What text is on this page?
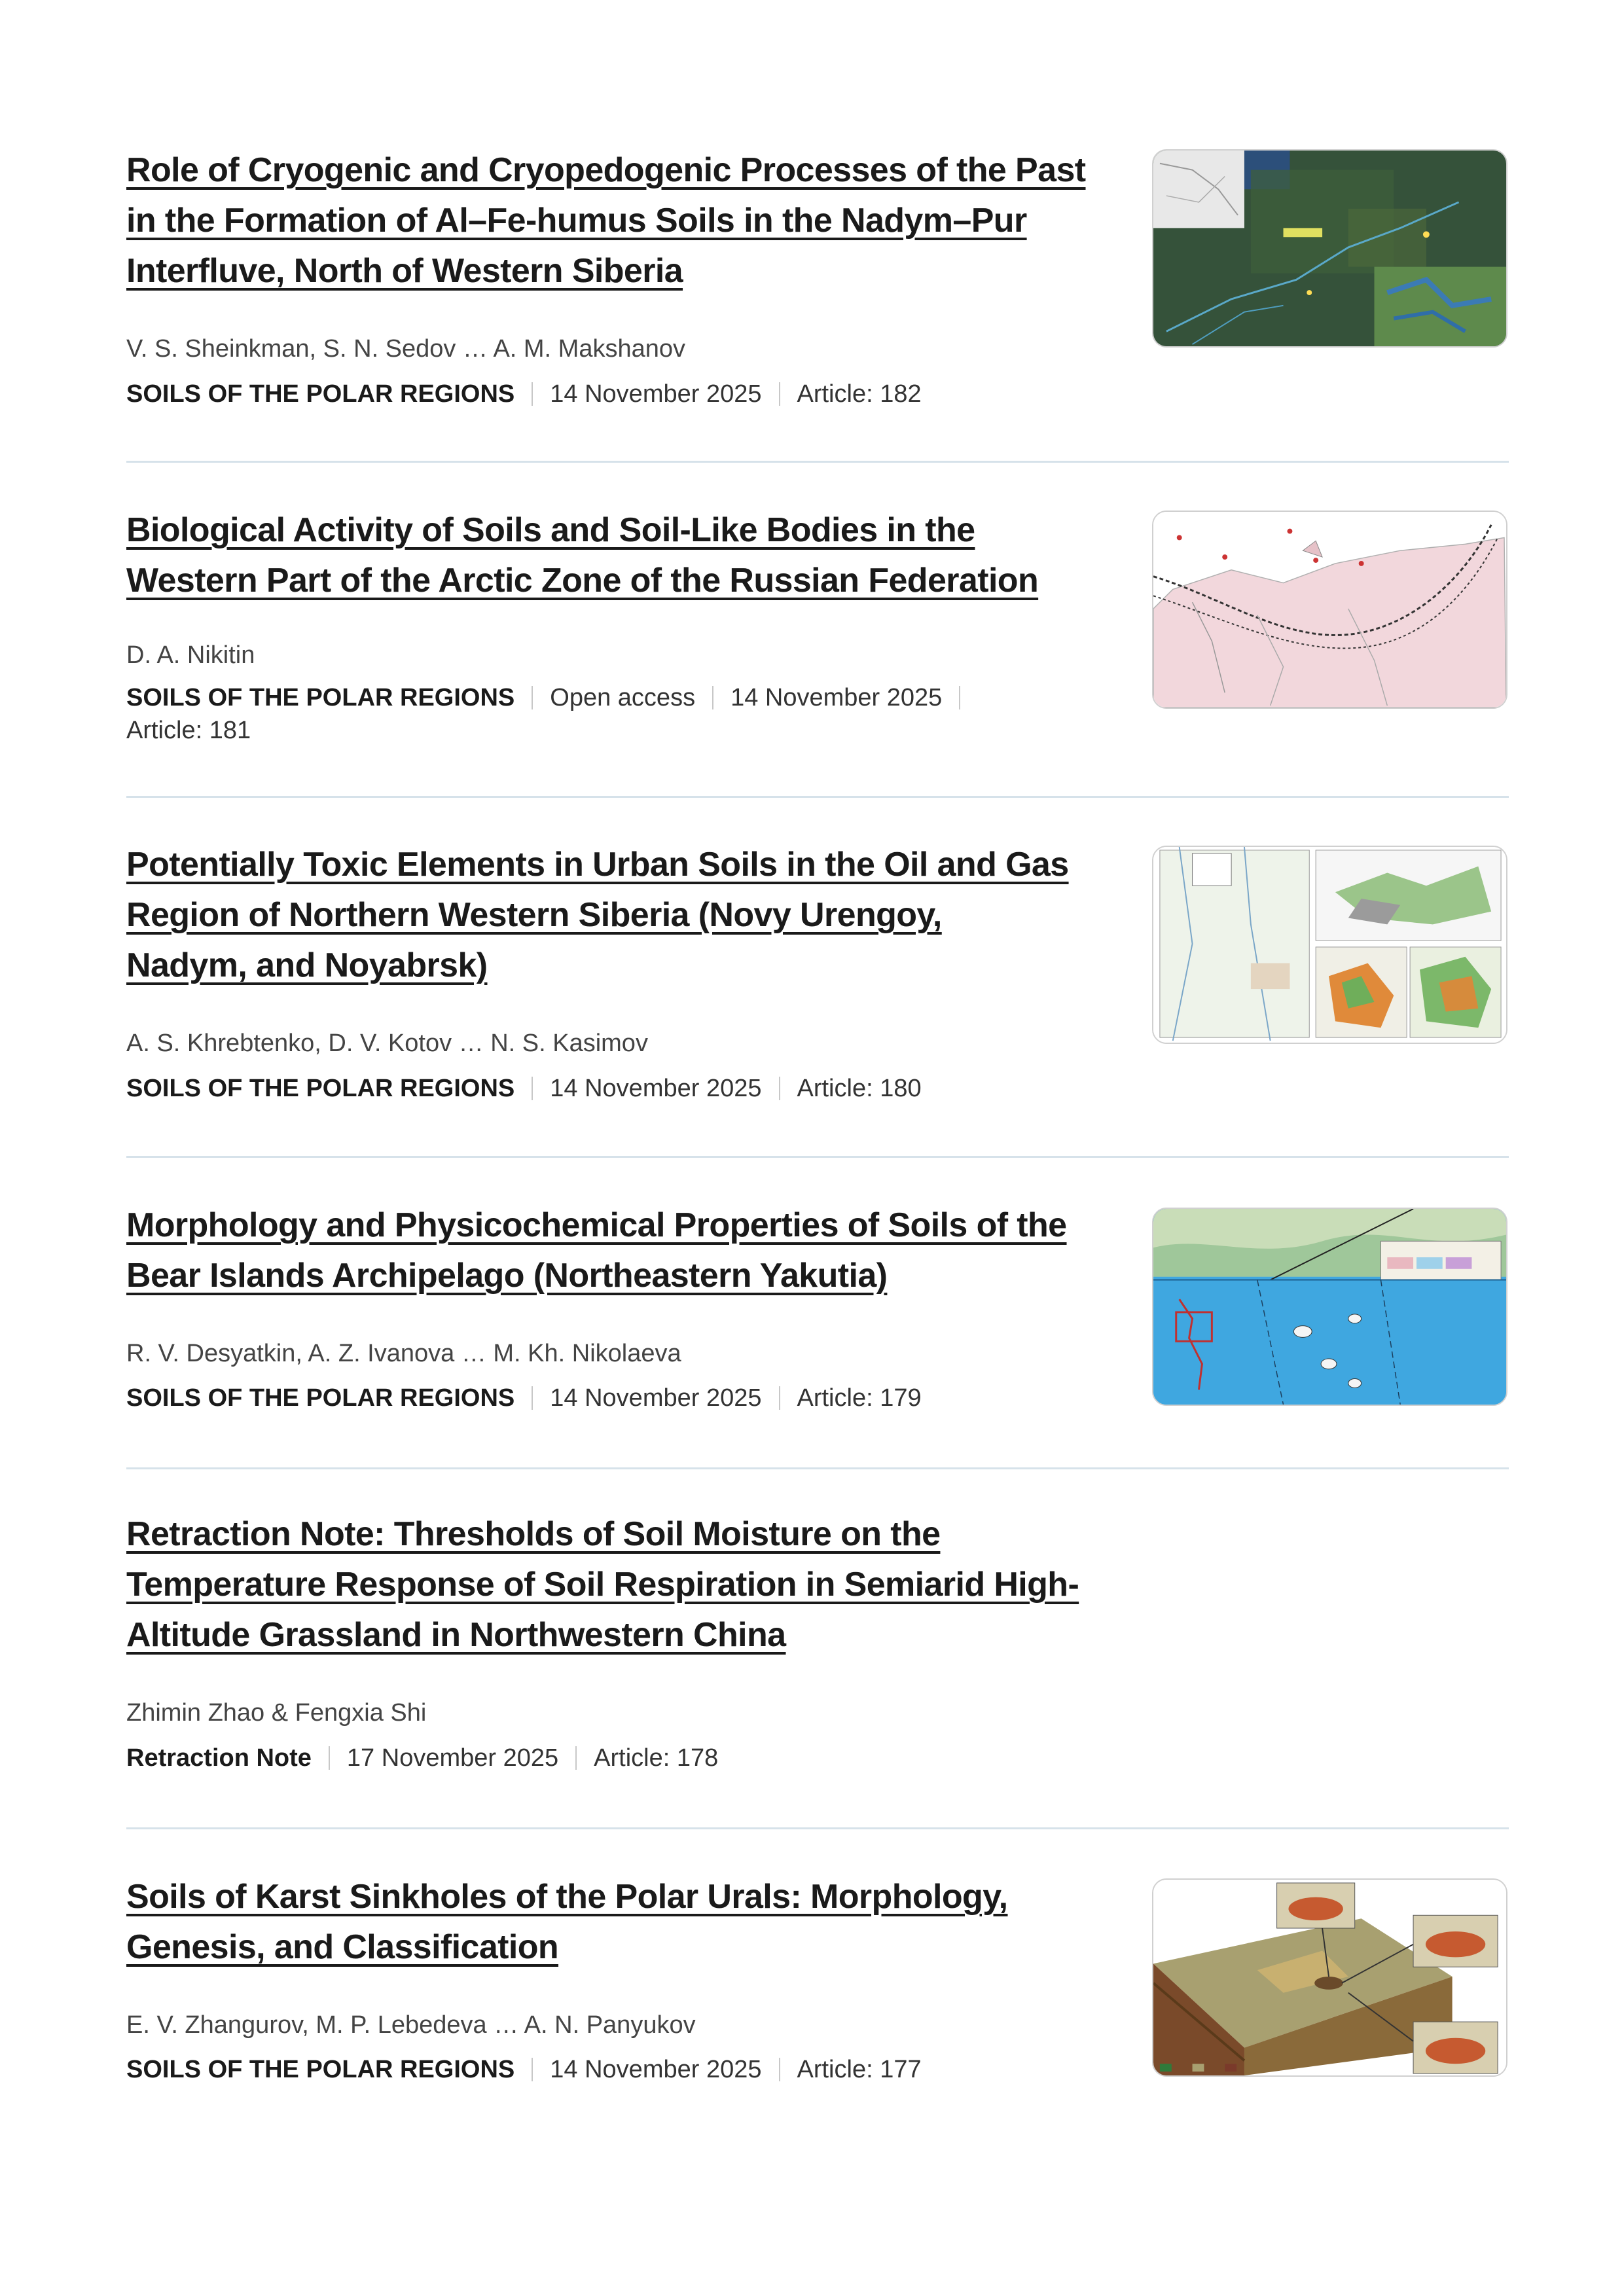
Role of Cryogenic and Cryopedogenic Processes of the Past
in the Formation of Al–Fe-humus Soils in the Nadym–Pur
Interfluve, North of Western Siberia

V. S. Sheinkman, S. N. Sedov … A. M. Makshanov

SOILS OF THE POLAR REGIONS 14 November 2025 Article: 182

Biological Activity of Soils and Soil-Like Bodies in the
Western Part of the Arctic Zone of the Russian Federation

D. A. Nikitin

SOILS OF THE POLAR REGIONS Open access 14 November 2025
Article: 181

Potentially Toxic Elements in Urban Soils in the Oil and Gas
Region of Northern Western Siberia (Novy Urengoy,
Nadym, and Noyabrsk)

A. S. Khrebtenko, D. V. Kotov … N. S. Kasimov

SOILS OF THE POLAR REGIONS 14 November 2025 Article: 180

Morphology and Physicochemical Properties of Soils of the
Bear Islands Archipelago (Northeastern Yakutia)

R. V. Desyatkin, A. Z. Ivanova … M. Kh. Nikolaeva

SOILS OF THE POLAR REGIONS 14 November 2025 Article: 179

Retraction Note: Thresholds of Soil Moisture on the
Temperature Response of Soil Respiration in Semiarid High-
Altitude Grassland in Northwestern China

Zhimin Zhao & Fengxia Shi

Retraction Note 17 November 2025 Article: 178

Soils of Karst Sinkholes of the Polar Urals: Morphology,
Genesis, and Classification

E. V. Zhangurov, M. P. Lebedeva … A. N. Panyukov

SOILS OF THE POLAR REGIONS 14 November 2025 Article: 177
